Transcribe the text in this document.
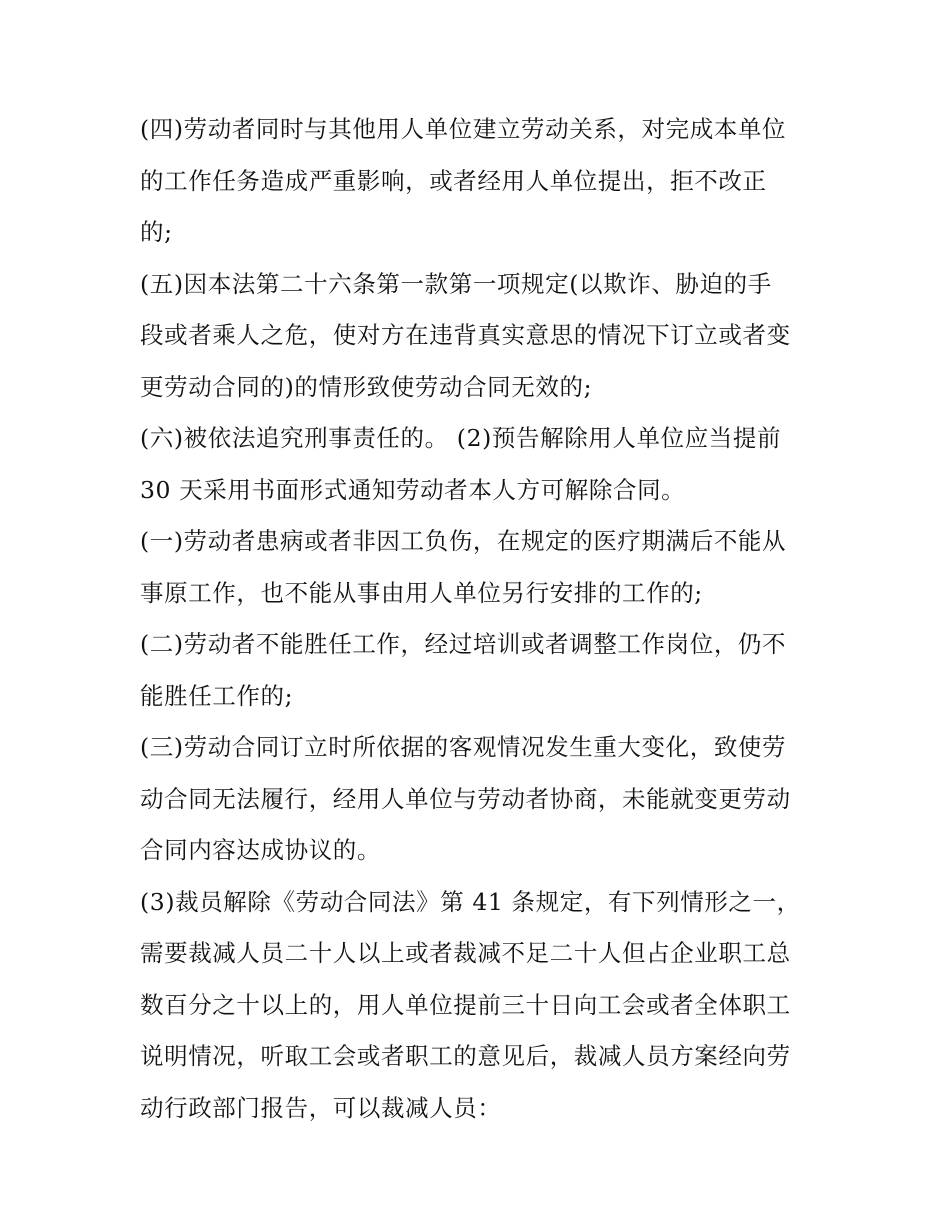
(四)劳动者同时与其他用人单位建立劳动关系，对完成本单位
的工作任务造成严重影响，或者经用人单位提出，拒不改正
的;
(五)因本法第二十六条第一款第一项规定(以欺诈、胁迫的手
段或者乘人之危，使对方在违背真实意思的情况下订立或者变
更劳动合同的)的情形致使劳动合同无效的;
(六)被依法追究刑事责任的。 (2)预告解除用人单位应当提前
30 天采用书面形式通知劳动者本人方可解除合同。
(一)劳动者患病或者非因工负伤，在规定的医疗期满后不能从
事原工作，也不能从事由用人单位另行安排的工作的;
(二)劳动者不能胜任工作，经过培训或者调整工作岗位，仍不
能胜任工作的;
(三)劳动合同订立时所依据的客观情况发生重大变化，致使劳
动合同无法履行，经用人单位与劳动者协商，未能就变更劳动
合同内容达成协议的。
(3)裁员解除《劳动合同法》第 41 条规定，有下列情形之一，
需要裁减人员二十人以上或者裁减不足二十人但占企业职工总
数百分之十以上的，用人单位提前三十日向工会或者全体职工
说明情况，听取工会或者职工的意见后，裁减人员方案经向劳
动行政部门报告，可以裁减人员：
